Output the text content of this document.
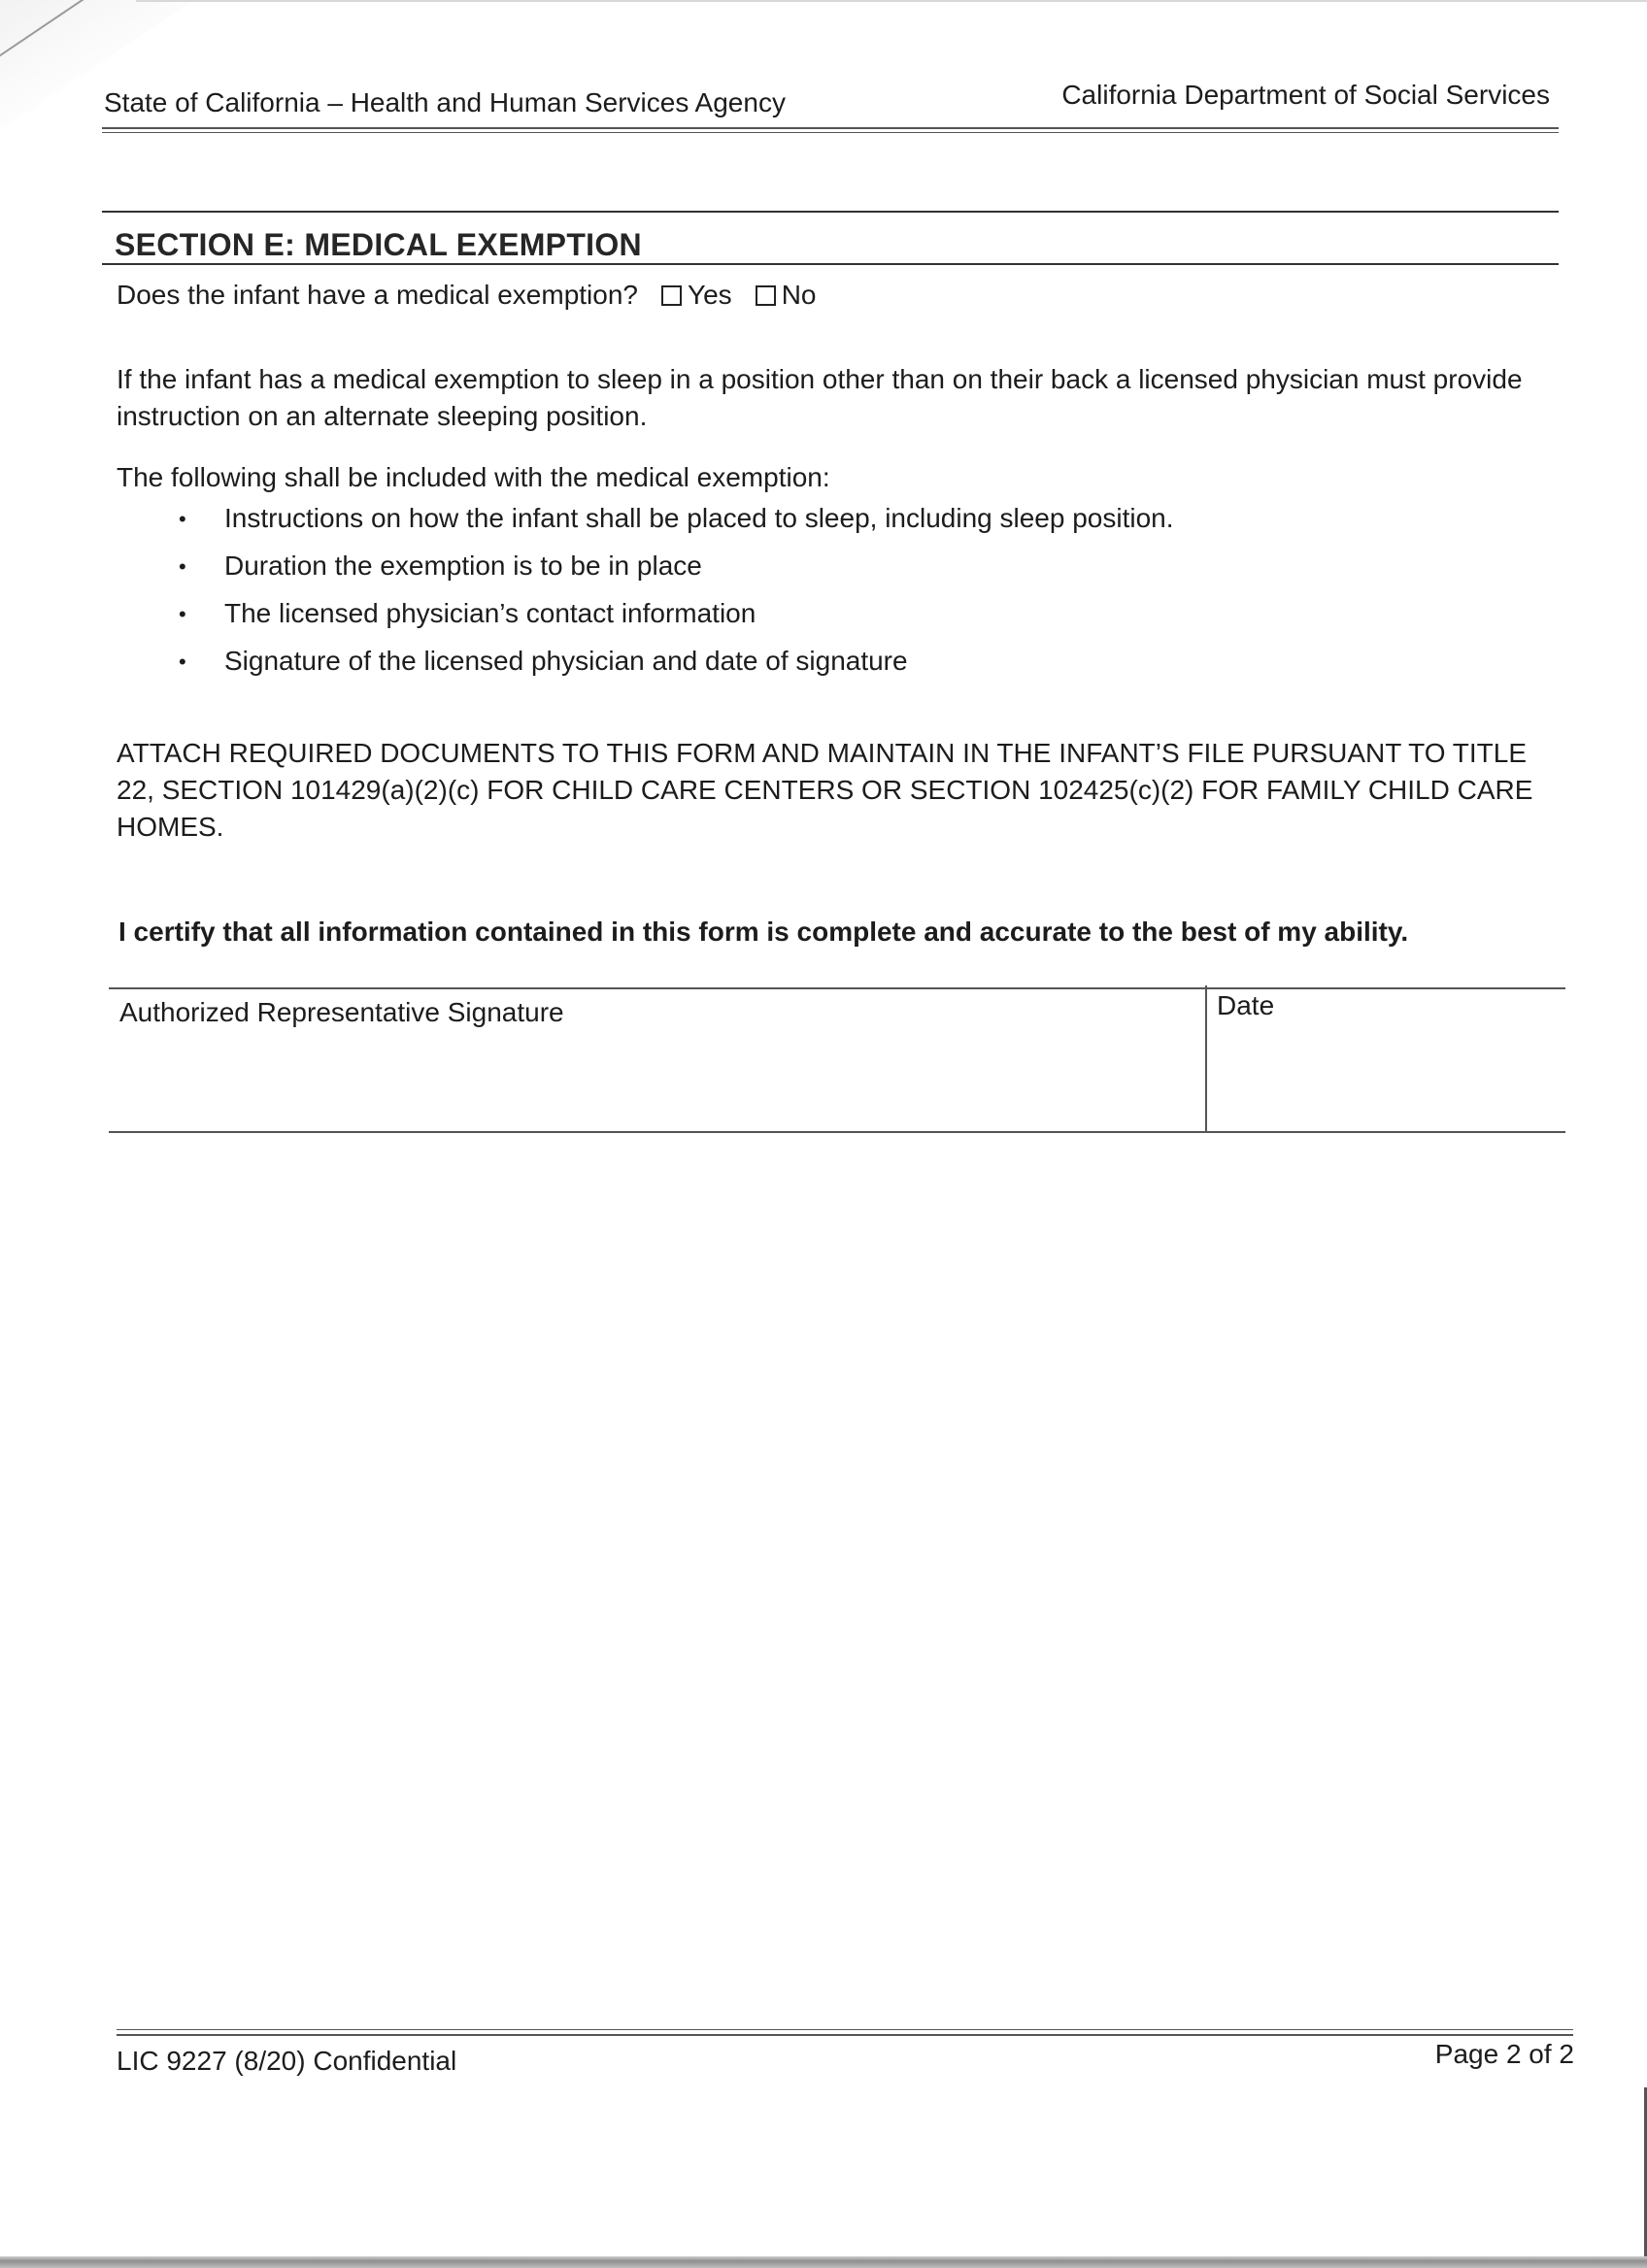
State of California – Health and Human Services Agency	California Department of Social Services
SECTION E: MEDICAL EXEMPTION
Does the infant have a medical exemption? Yes No
If the infant has a medical exemption to sleep in a position other than on their back a licensed physician must provide instruction on an alternate sleeping position.
The following shall be included with the medical exemption:
• Instructions on how the infant shall be placed to sleep, including sleep position.
• Duration the exemption is to be in place
• The licensed physician’s contact information
• Signature of the licensed physician and date of signature
ATTACH REQUIRED DOCUMENTS TO THIS FORM AND MAINTAIN IN THE INFANT’S FILE PURSUANT TO TITLE 22, SECTION 101429(a)(2)(c) FOR CHILD CARE CENTERS OR SECTION 102425(c)(2) FOR FAMILY CHILD CARE HOMES.
I certify that all information contained in this form is complete and accurate to the best of my ability.
Authorized Representative Signature	Date
LIC 9227 (8/20) Confidential	Page 2 of 2
